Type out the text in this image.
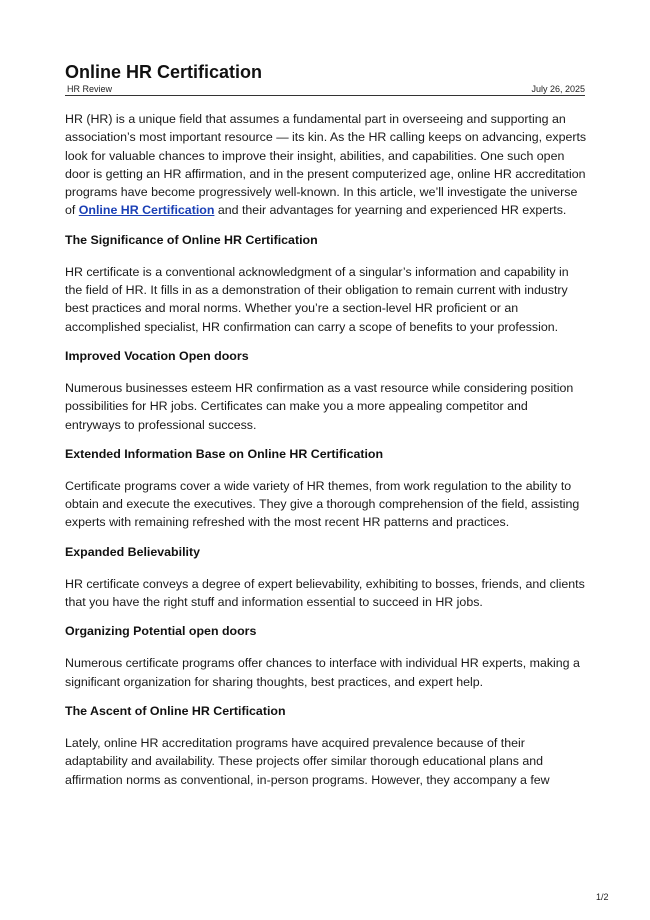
Online HR Certification
HR Review	July 26, 2025

HR (HR) is a unique field that assumes a fundamental part in overseeing and supporting an association’s most important resource — its kin. As the HR calling keeps on advancing, experts look for valuable chances to improve their insight, abilities, and capabilities. One such open door is getting an HR affirmation, and in the present computerized age, online HR accreditation programs have become progressively well-known. In this article, we’ll investigate the universe of Online HR Certification and their advantages for yearning and experienced HR experts.

The Significance of Online HR Certification

HR certificate is a conventional acknowledgment of a singular’s information and capability in the field of HR. It fills in as a demonstration of their obligation to remain current with industry best practices and moral norms. Whether you’re a section-level HR proficient or an accomplished specialist, HR confirmation can carry a scope of benefits to your profession.

Improved Vocation Open doors

Numerous businesses esteem HR confirmation as a vast resource while considering position possibilities for HR jobs. Certificates can make you a more appealing competitor and entryways to professional success.

Extended Information Base on Online HR Certification

Certificate programs cover a wide variety of HR themes, from work regulation to the ability to obtain and execute the executives. They give a thorough comprehension of the field, assisting experts with remaining refreshed with the most recent HR patterns and practices.

Expanded Believability

HR certificate conveys a degree of expert believability, exhibiting to bosses, friends, and clients that you have the right stuff and information essential to succeed in HR jobs.

Organizing Potential open doors

Numerous certificate programs offer chances to interface with individual HR experts, making a significant organization for sharing thoughts, best practices, and expert help.

The Ascent of Online HR Certification

Lately, online HR accreditation programs have acquired prevalence because of their adaptability and availability. These projects offer similar thorough educational plans and affirmation norms as conventional, in-person programs. However, they accompany a few

1/2
